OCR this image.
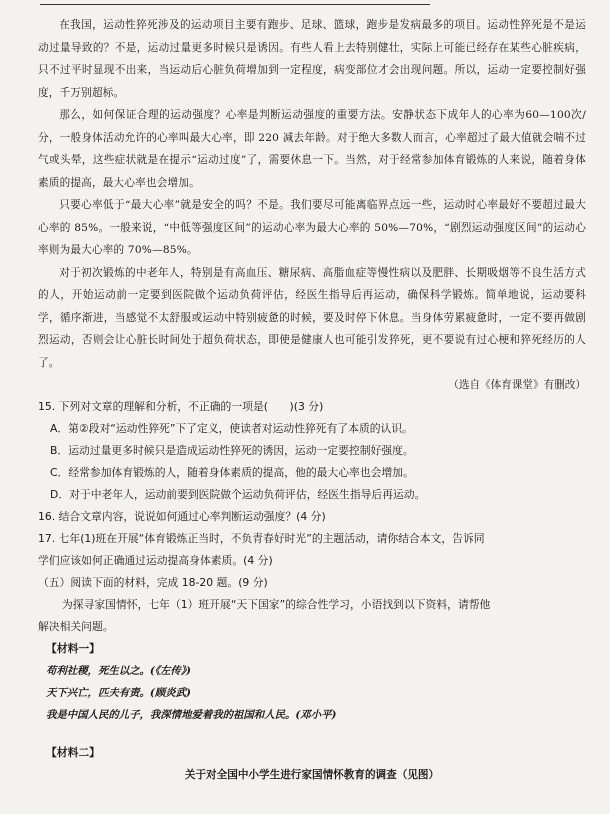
在我国，运动性猝死涉及的运动项目主要有跑步、足球、篮球，跑步是发病最多的项目。运动性猝死是不是运动过量导致的？不是，运动过量更多时候只是诱因。有些人看上去特别健壮，实际上可能已经存在某些心脏疾病，只不过平时显现不出来，当运动后心脏负荷增加到一定程度，病变部位才会出现问题。所以，运动一定要控制好强度，千万别超标。

那么，如何保证合理的运动强度？心率是判断运动强度的重要方法。安静状态下成年人的心率为60—100次/分，一般身体活动允许的心率叫最大心率，即 220 减去年龄。对于绝大多数人而言，心率超过了最大值就会喘不过气或头晕，这些症状就是在提示“运动过度”了，需要休息一下。当然，对于经常参加体育锻炼的人来说，随着身体素质的提高，最大心率也会增加。

只要心率低于“最大心率”就是安全的吗？不是。我们要尽可能离临界点远一些，运动时心率最好不要超过最大心率的 85%。一般来说，“中低等强度区间”的运动心率为最大心率的 50%—70%，“剧烈运动强度区间”的运动心率则为最大心率的 70%—85%。

对于初次锻炼的中老年人，特别是有高血压、糖尿病、高脂血症等慢性病以及肥胖、长期吸烟等不良生活方式的人，开始运动前一定要到医院做个运动负荷评估，经医生指导后再运动，确保科学锻炼。简单地说，运动要科学，循序渐进，当感觉不太舒服或运动中特别疲惫的时候，要及时停下休息。当身体劳累疲惫时，一定不要再做剧烈运动，否则会让心脏长时间处于超负荷状态，即使是健康人也可能引发猝死，更不要说有过心梗和猝死经历的人了。

（选自《体育课堂》有删改）

15. 下列对文章的理解和分析，不正确的一项是(　　)(3 分)

A．第②段对“运动性猝死”下了定义，使读者对运动性猝死有了本质的认识。

B．运动过量更多时候只是造成运动性猝死的诱因，运动一定要控制好强度。

C．经常参加体育锻炼的人，随着身体素质的提高，他的最大心率也会增加。

D．对于中老年人，运动前要到医院做个运动负荷评估，经医生指导后再运动。

16. 结合文章内容，说说如何通过心率判断运动强度？(4 分)

17. 七年(1)班在开展“体育锻炼正当时，不负青春好时光”的主题活动，请你结合本文，告诉同

学们应该如何正确通过运动提高身体素质。(4 分)

（五）阅读下面的材料，完成 18-20 题。(9 分)

为探寻家国情怀，七年（1）班开展“天下国家”的综合性学习，小语找到以下资料，请帮他

解决相关问题。

【材料一】

苟利社稷，死生以之。(《左传》)

天下兴亡，匹夫有责。(顾炎武)

我是中国人民的儿子，我深情地爱着我的祖国和人民。(邓小平)

【材料二】

关于对全国中小学生进行家国情怀教育的调查（见图）
